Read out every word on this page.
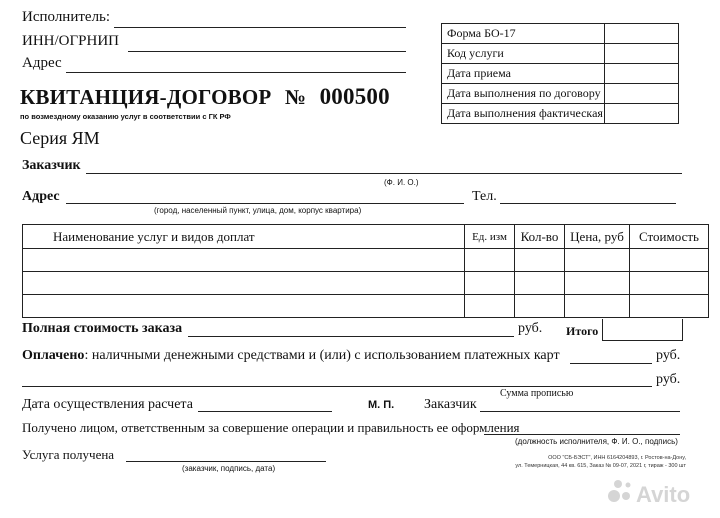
Исполнитель:
ИНН/ОГРНИП
Адрес
КВИТАНЦИЯ-ДОГОВОР № 000500
по возмездному оказанию услуг в соответствии с ГК РФ
Серия ЯМ
Форма БО-17	
Код услуги	
Дата приема	
Дата выполнения по договору	
Дата выполнения фактическая	
Заказчик
(Ф. И. О.)
Адрес
(город, населенный пункт, улица, дом, корпус квартира)
Тел.
Наименование услуг и видов доплат	Ед. изм	Кол-во	Цена, руб	Стоимость

Полная стоимость заказа	руб. Итого
Оплачено: наличными денежными средствами и (или) с использованием платежных карт	руб.
руб.
Сумма прописью
Дата осуществления расчета	М. П. Заказчик
Получено лицом, ответственным за совершение операции и правильность ее оформления
(должность исполнителя, Ф. И. О., подпись)
Услуга получена
(заказчик, подпись, дата)
ООО "СБ-БЭСТ", ИНН 6164204893, г. Ростов-на-Дону,
ул. Темерницкая, 44 кв. 615, Заказ № 09-07, 2021 г, тираж - 300 шт
Avito
